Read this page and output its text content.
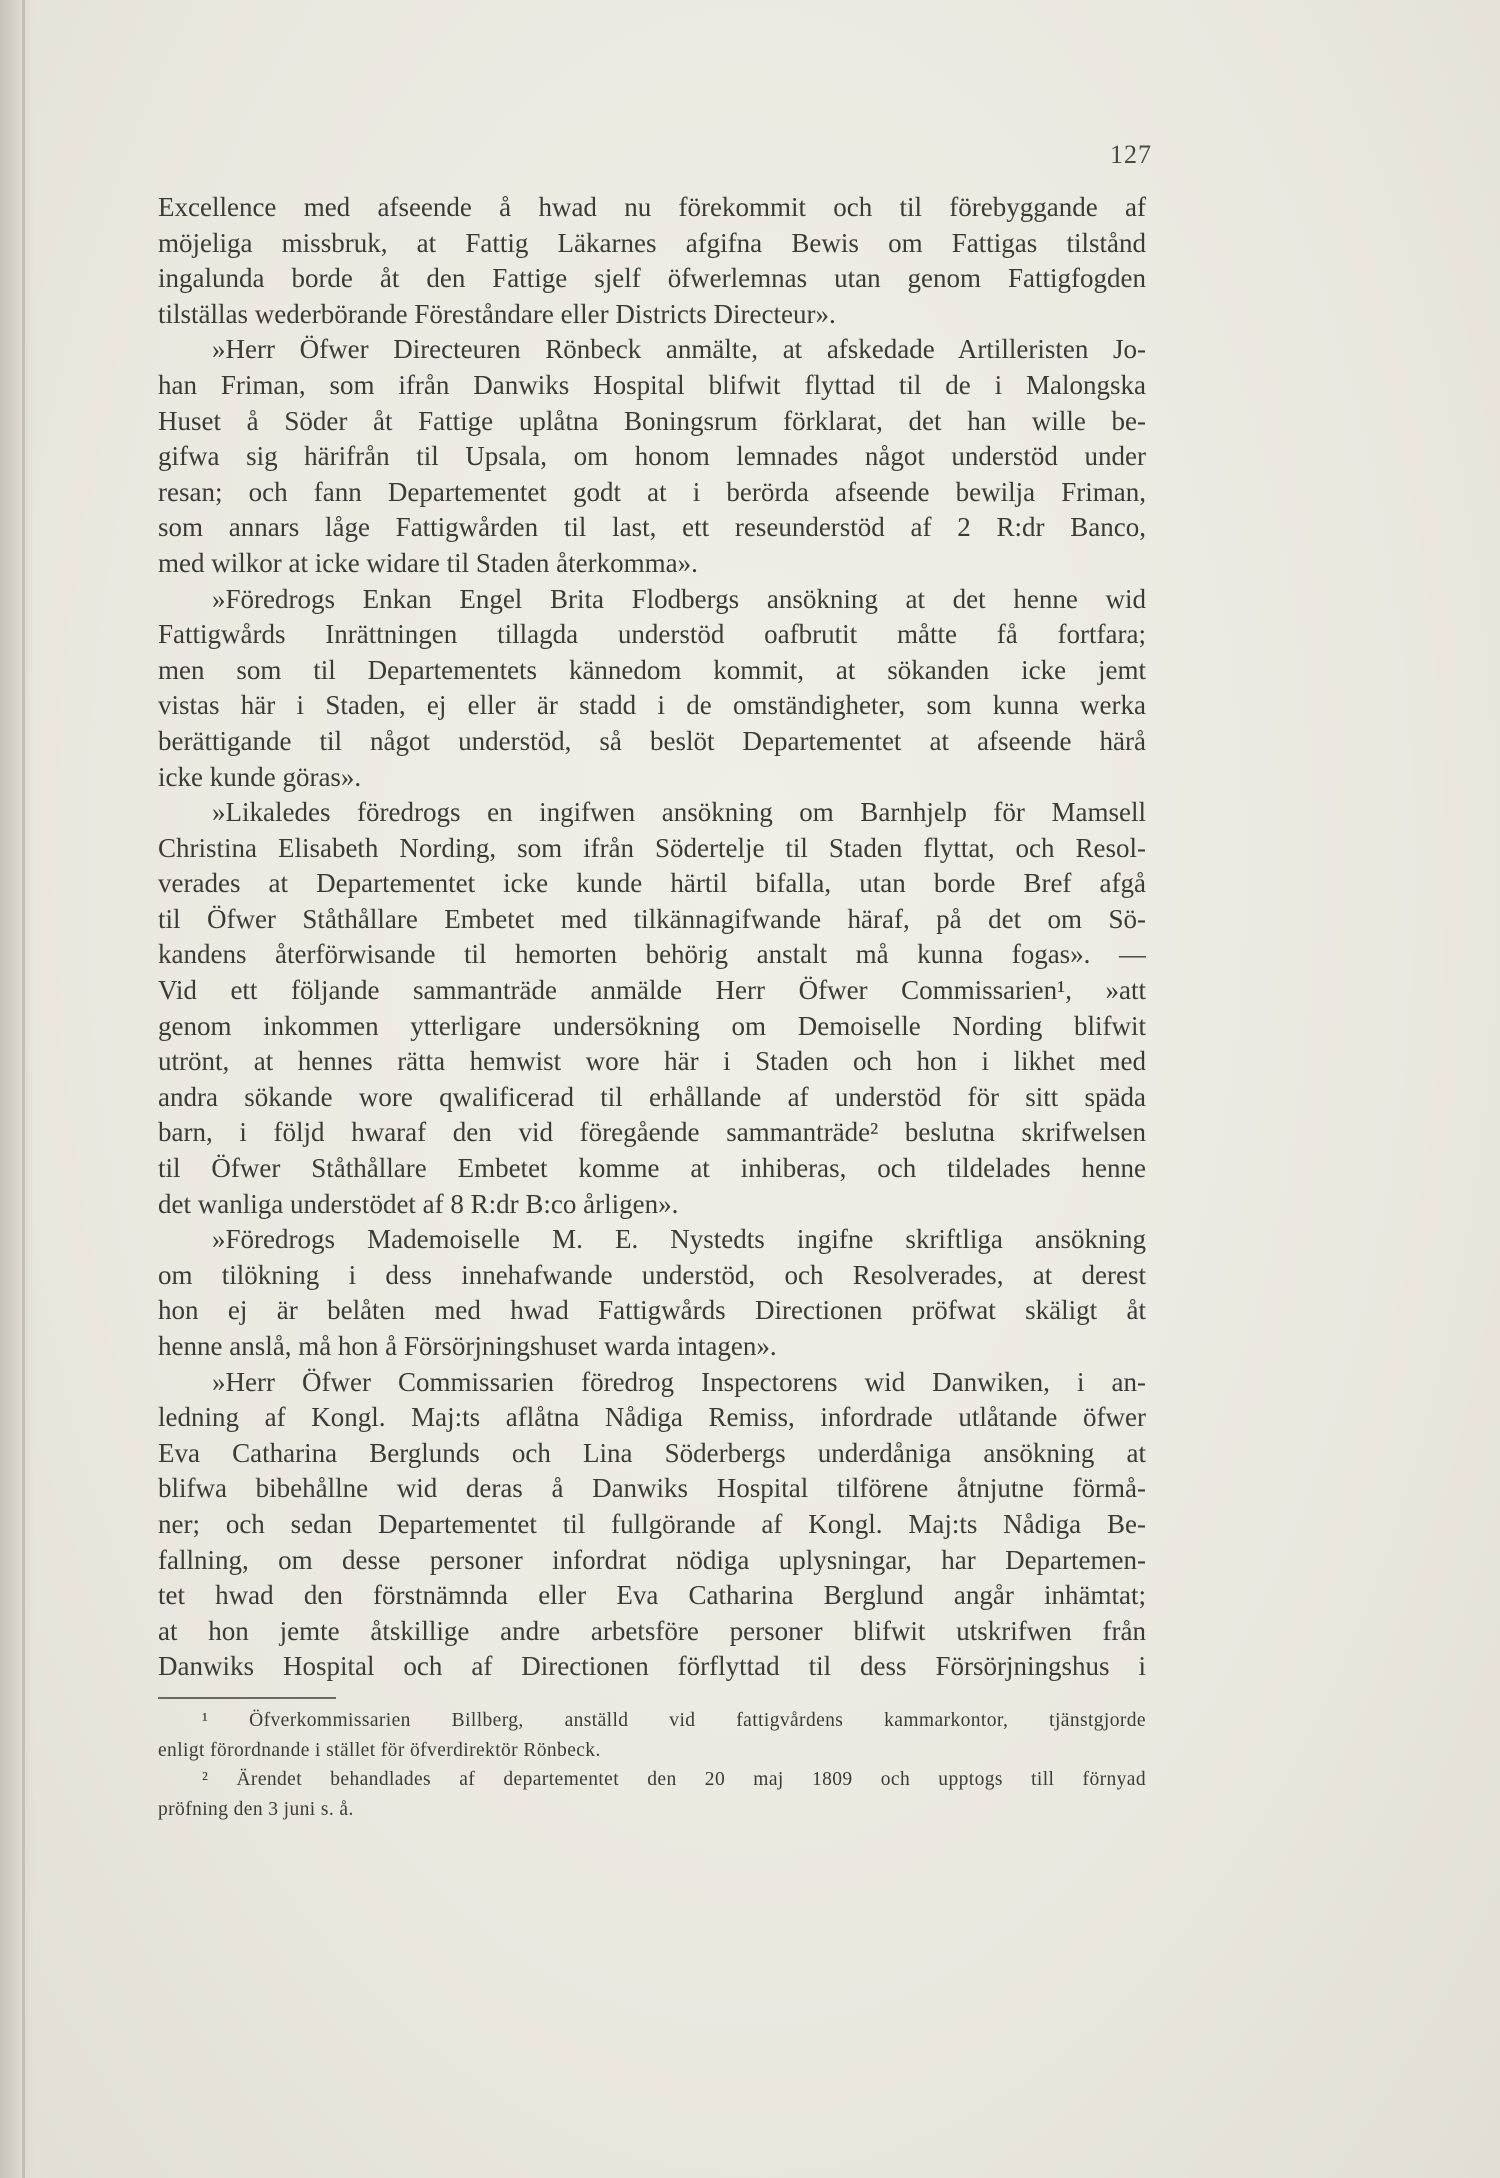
127
Excellence med afseende å hwad nu förekommit och til förebyggande af
möjeliga missbruk, at Fattig Läkarnes afgifna Bewis om Fattigas tilstånd
ingalunda borde åt den Fattige sjelf öfwerlemnas utan genom Fattigfogden
tilställas wederbörande Föreståndare eller Districts Directeur».
»Herr Öfwer Directeuren Rönbeck anmälte, at afskedade Artilleristen Jo-
han Friman, som ifrån Danwiks Hospital blifwit flyttad til de i Malongska
Huset å Söder åt Fattige uplåtna Boningsrum förklarat, det han wille be-
gifwa sig härifrån til Upsala, om honom lemnades något understöd under
resan; och fann Departementet godt at i berörda afseende bewilja Friman,
som annars låge Fattigwården til last, ett reseunderstöd af 2 R:dr Banco,
med wilkor at icke widare til Staden återkomma».
»Föredrogs Enkan Engel Brita Flodbergs ansökning at det henne wid
Fattigwårds Inrättningen tillagda understöd oafbrutit måtte få fortfara;
men som til Departementets kännedom kommit, at sökanden icke jemt
vistas här i Staden, ej eller är stadd i de omständigheter, som kunna werka
berättigande til något understöd, så beslöt Departementet at afseende härå
icke kunde göras».
»Likaledes föredrogs en ingifwen ansökning om Barnhjelp för Mamsell
Christina Elisabeth Nording, som ifrån Södertelje til Staden flyttat, och Resol-
verades at Departementet icke kunde härtil bifalla, utan borde Bref afgå
til Öfwer Ståthållare Embetet med tilkännagifwande häraf, på det om Sö-
kandens återförwisande til hemorten behörig anstalt må kunna fogas». —
Vid ett följande sammanträde anmälde Herr Öfwer Commissarien¹, »att
genom inkommen ytterligare undersökning om Demoiselle Nording blifwit
utrönt, at hennes rätta hemwist wore här i Staden och hon i likhet med
andra sökande wore qwalificerad til erhållande af understöd för sitt späda
barn, i följd hwaraf den vid föregående sammanträde² beslutna skrifwelsen
til Öfwer Ståthållare Embetet komme at inhiberas, och tildelades henne
det wanliga understödet af 8 R:dr B:co årligen».
»Föredrogs Mademoiselle M. E. Nystedts ingifne skriftliga ansökning
om tilökning i dess innehafwande understöd, och Resolverades, at derest
hon ej är belåten med hwad Fattigwårds Directionen pröfwat skäligt åt
henne anslå, må hon å Försörjningshuset warda intagen».
»Herr Öfwer Commissarien föredrog Inspectorens wid Danwiken, i an-
ledning af Kongl. Maj:ts aflåtna Nådiga Remiss, infordrade utlåtande öfwer
Eva Catharina Berglunds och Lina Söderbergs underdåniga ansökning at
blifwa bibehållne wid deras å Danwiks Hospital tilförene åtnjutne förmå-
ner; och sedan Departementet til fullgörande af Kongl. Maj:ts Nådiga Be-
fallning, om desse personer infordrat nödiga uplysningar, har Departemen-
tet hwad den förstnämnda eller Eva Catharina Berglund angår inhämtat;
at hon jemte åtskillige andre arbetsföre personer blifwit utskrifwen från
Danwiks Hospital och af Directionen förflyttad til dess Försörjningshus i
¹ Öfverkommissarien Billberg, anställd vid fattigvårdens kammarkontor, tjänstgjorde
enligt förordnande i stället för öfverdirektör Rönbeck.
² Ärendet behandlades af departementet den 20 maj 1809 och upptogs till förnyad
pröfning den 3 juni s. å.
